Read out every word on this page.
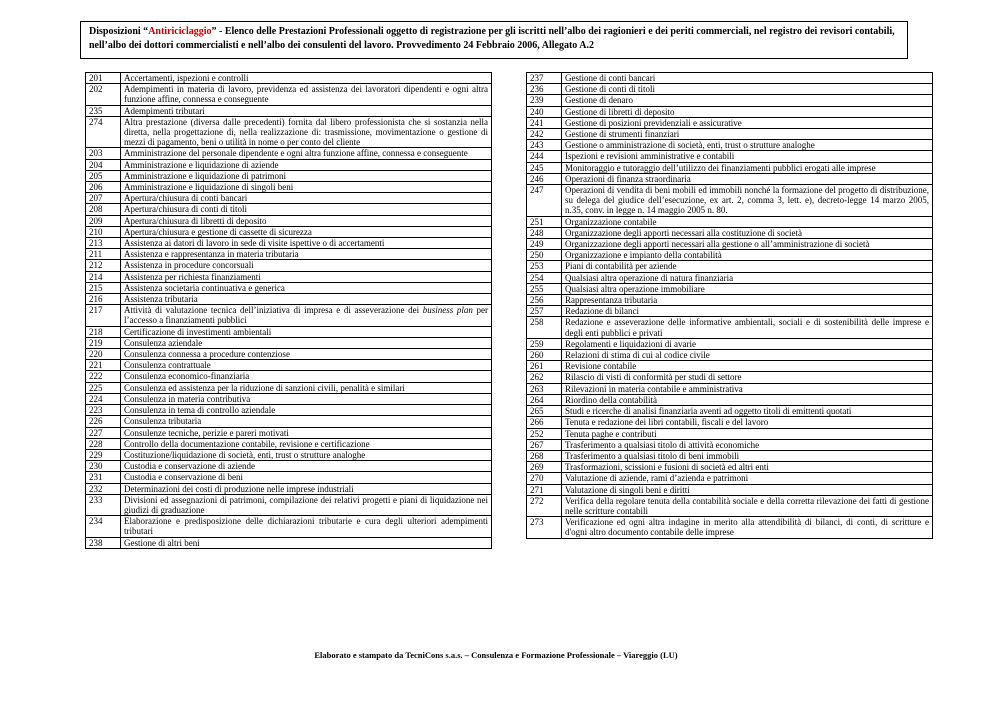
Disposizioni “Antiriciclaggio” - Elenco delle Prestazioni Professionali oggetto di registrazione per gli iscritti nell’albo dei ragionieri e dei periti commerciali, nel registro dei revisori contabili, nell’albo dei dottori commercialisti e nell’albo dei consulenti del lavoro. Provvedimento 24 Febbraio 2006, Allegato A.2
201	Accertamenti, ispezioni e controlli
202	Adempimenti in materia di lavoro, previdenza ed assistenza dei lavoratori dipendenti e ogni altra funzione affine, connessa e conseguente
235	Adempimenti tributari
274	Altra prestazione (diversa dalle precedenti) fornita dal libero professionista che si sostanzia nella diretta, nella progettazione di, nella realizzazione di: trasmissione, movimentazione o gestione di mezzi di pagamento, beni o utilità in nome o per conto del cliente
203	Amministrazione del personale dipendente e ogni altra funzione affine, connessa e conseguente
204	Amministrazione e liquidazione di aziende
205	Amministrazione e liquidazione di patrimoni
206	Amministrazione e liquidazione di singoli beni
207	Apertura/chiusura di conti bancari
208	Apertura/chiusura di conti di titoli
209	Apertura/chiusura di libretti di deposito
210	Apertura/chiusura e gestione di cassette di sicurezza
213	Assistenza ai datori di lavoro in sede di visite ispettive o di accertamenti
211	Assistenza e rappresentanza in materia tributaria
212	Assistenza in procedure concorsuali
214	Assistenza per richiesta finanziamenti
215	Assistenza societaria continuativa e generica
216	Assistenza tributaria
217	Attività di valutazione tecnica dell’iniziativa di impresa e di asseverazione dei business plan per l’accesso a finanziamenti pubblici
218	Certificazione di investimenti ambientali
219	Consulenza aziendale
220	Consulenza connessa a procedure contenziose
221	Consulenza contrattuale
222	Consulenza economico-finanziaria
225	Consulenza ed assistenza per la riduzione di sanzioni civili, penalità e similari
224	Consulenza in materia contributiva
223	Consulenza in tema di controllo aziendale
226	Consulenza tributaria
227	Consulenze tecniche, perizie e pareri motivati
228	Controllo della documentazione contabile, revisione e certificazione
229	Costituzione/liquidazione di società, enti, trust o strutture analoghe
230	Custodia e conservazione di aziende
231	Custodia e conservazione di beni
232	Determinazioni dei costi di produzione nelle imprese industriali
233	Divisioni ed assegnazioni di patrimoni, compilazione dei relativi progetti e piani di liquidazione nei giudizi di graduazione
234	Elaborazione e predisposizione delle dichiarazioni tributarie e cura degli ulteriori adempimenti tributari
238	Gestione di altri beni
237	Gestione di conti bancari
236	Gestione di conti di titoli
239	Gestione di denaro
240	Gestione di libretti di deposito
241	Gestione di posizioni previdenziali e assicurative
242	Gestione di strumenti finanziari
243	Gestione o amministrazione di società, enti, trust o strutture analoghe
244	Ispezioni e revisioni amministrative e contabili
245	Monitoraggio e tutoraggio dell’utilizzo dei finanziamenti pubblici erogati alle imprese
246	Operazioni di finanza straordinaria
247	Operazioni di vendita di beni mobili ed immobili nonché la formazione del progetto di distribuzione, su delega del giudice dell’esecuzione, ex art. 2, comma 3, lett. e), decreto-legge 14 marzo 2005, n.35, conv. in legge n. 14 maggio 2005 n. 80.
251	Organizzazione contabile
248	Organizzazione degli apporti necessari alla costituzione di società
249	Organizzazione degli apporti necessari alla gestione o all’amministrazione di società
250	Organizzazione e impianto della contabilità
253	Piani di contabilità per aziende
254	Qualsiasi altra operazione di natura finanziaria
255	Qualsiasi altra operazione immobiliare
256	Rappresentanza tributaria
257	Redazione di bilanci
258	Redazione e asseverazione delle informative ambientali, sociali e di sostenibilità delle imprese e degli enti pubblici e privati
259	Regolamenti e liquidazioni di avarie
260	Relazioni di stima di cui al codice civile
261	Revisione contabile
262	Rilascio di visti di conformità per studi di settore
263	Rilevazioni in materia contabile e amministrativa
264	Riordino della contabilità
265	Studi e ricerche di analisi finanziaria aventi ad oggetto titoli di emittenti quotati
266	Tenuta e redazione dei libri contabili, fiscali e del lavoro
252	Tenuta paghe e contributi
267	Trasferimento a qualsiasi titolo di attività economiche
268	Trasferimento a qualsiasi titolo di beni immobili
269	Trasformazioni, scissioni e fusioni di società ed altri enti
270	Valutazione di aziende, rami d’azienda e patrimoni
271	Valutazione di singoli beni e diritti
272	Verifica della regolare tenuta della contabilità sociale e della corretta rilevazione dei fatti di gestione nelle scritture contabili
273	Verificazione ed ogni altra indagine in merito alla attendibilità di bilanci, di conti, di scritture e d'ogni altro documento contabile delle imprese
Elaborato e stampato da TecniCons s.a.s. – Consulenza e Formazione Professionale – Viareggio (LU)
